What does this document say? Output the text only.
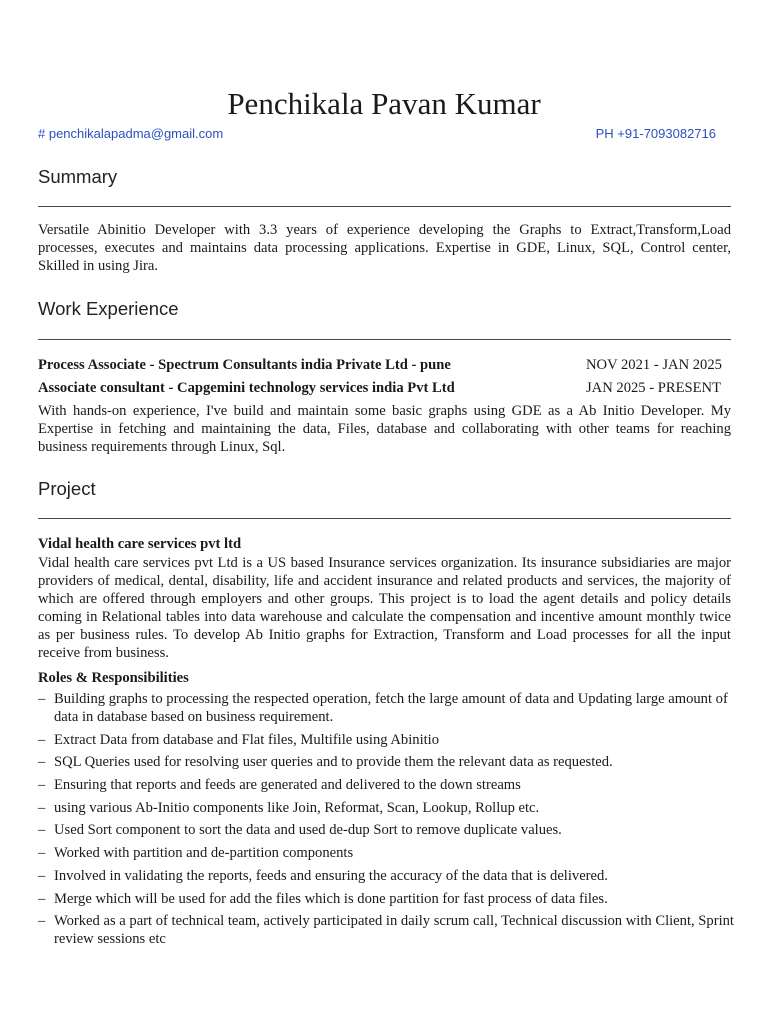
Penchikala Pavan Kumar
# penchikalapadma@gmail.com	PH +91-7093082716
Summary
Versatile Abinitio Developer with 3.3 years of experience developing the Graphs to Extract,Transform,Load processes, executes and maintains data processing applications. Expertise in GDE, Linux, SQL, Control center, Skilled in using Jira.
Work Experience
Process Associate - Spectrum Consultants india Private Ltd - pune	NOV 2021 - JAN 2025
Associate consultant - Capgemini technology services india Pvt Ltd	JAN 2025 - PRESENT
With hands-on experience, I've build and maintain some basic graphs using GDE as a Ab Initio Developer. My Expertise in fetching and maintaining the data, Files, database and collaborating with other teams for reaching business requirements through Linux, Sql.
Project
Vidal health care services pvt ltd
Vidal health care services pvt Ltd is a US based Insurance services organization. Its insurance subsidiaries are major providers of medical, dental, disability, life and accident insurance and related products and services, the majority of which are offered through employers and other groups. This project is to load the agent details and policy details coming in Relational tables into data warehouse and calculate the compensation and incentive amount monthly twice as per business rules. To develop Ab Initio graphs for Extraction, Transform and Load processes for all the input receive from business.
Roles & Responsibilities
– Building graphs to processing the respected operation, fetch the large amount of data and Updating large amount of data in database based on business requirement.
– Extract Data from database and Flat files, Multifile using Abinitio
– SQL Queries used for resolving user queries and to provide them the relevant data as requested.
– Ensuring that reports and feeds are generated and delivered to the down streams
– using various Ab-Initio components like Join, Reformat, Scan, Lookup, Rollup etc.
– Used Sort component to sort the data and used de-dup Sort to remove duplicate values.
– Worked with partition and de-partition components
– Involved in validating the reports, feeds and ensuring the accuracy of the data that is delivered.
– Merge which will be used for add the files which is done partition for fast process of data files.
– Worked as a part of technical team, actively participated in daily scrum call, Technical discussion with Client, Sprint review sessions etc
